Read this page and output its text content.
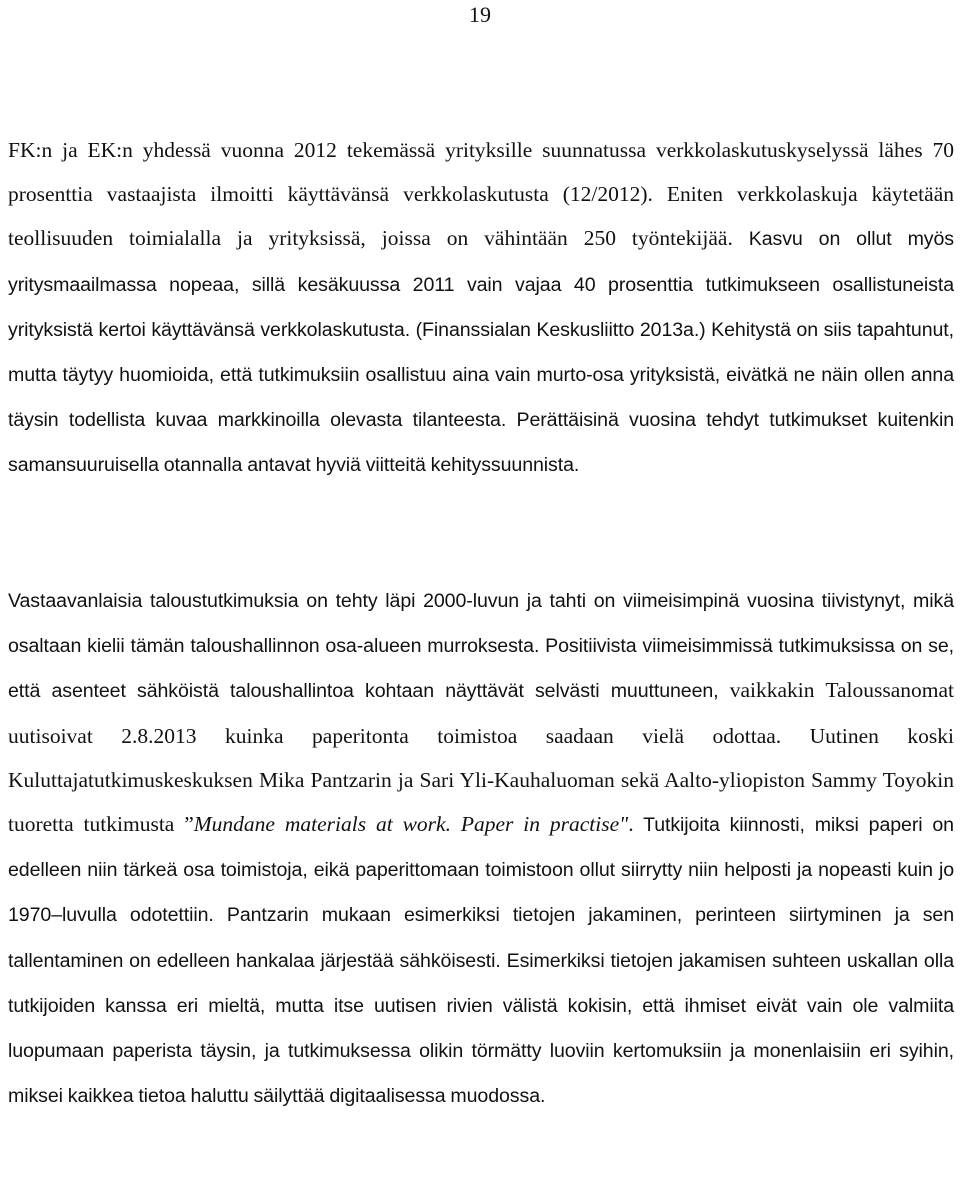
19

FK:n ja EK:n yhdessä vuonna 2012 tekemässä yrityksille suunnatussa verkkolaskutuskyselyssä lähes 70 prosenttia vastaajista ilmoitti käyttävänsä verkkolaskutusta (12/2012). Eniten verkkolaskuja käytetään teollisuuden toimialalla ja yrityksissä, joissa on vähintään 250 työntekijää. Kasvu on ollut myös yritysmaailmassa nopeaa, sillä kesäkuussa 2011 vain vajaa 40 prosenttia tutkimukseen osallistuneista yrityksistä kertoi käyttävänsä verkkolaskutusta. (Finanssialan Keskusliitto 2013a.) Kehitystä on siis tapahtunut, mutta täytyy huomioida, että tutkimuksiin osallistuu aina vain murto-osa yrityksistä, eivätkä ne näin ollen anna täysin todellista kuvaa markkinoilla olevasta tilanteesta. Perättäisinä vuosina tehdyt tutkimukset kuitenkin samansuuruisella otannalla antavat hyviä viitteitä kehityssuunnista.

Vastaavanlaisia taloustutkimuksia on tehty läpi 2000-luvun ja tahti on viimeisimpinä vuosina tiivistynyt, mikä osaltaan kielii tämän taloushallinnon osa-alueen murroksesta. Positiivista viimeisimmissä tutkimuksissa on se, että asenteet sähköistä taloushallintoa kohtaan näyttävät selvästi muuttuneen, vaikkakin Taloussanomat uutisoivat 2.8.2013 kuinka paperitonta toimistoa saadaan vielä odottaa. Uutinen koski Kuluttajatutkimuskeskuksen Mika Pantzarin ja Sari Yli-Kauhaluoman sekä Aalto-yliopiston Sammy Toyokin tuoretta tutkimusta ”Mundane materials at work. Paper in practise". Tutkijoita kiinnosti, miksi paperi on edelleen niin tärkeä osa toimistoja, eikä paperittomaan toimistoon ollut siirrytty niin helposti ja nopeasti kuin jo 1970–luvulla odotettiin. Pantzarin mukaan esimerkiksi tietojen jakaminen, perinteen siirtyminen ja sen tallentaminen on edelleen hankalaa järjestää sähköisesti. Esimerkiksi tietojen jakamisen suhteen uskallan olla tutkijoiden kanssa eri mieltä, mutta itse uutisen rivien välistä kokisin, että ihmiset eivät vain ole valmiita luopumaan paperista täysin, ja tutkimuksessa olikin törmätty luoviin kertomuksiin ja monenlaisiin eri syihin, miksei kaikkea tietoa haluttu säilyttää digitaalisessa muodossa.
